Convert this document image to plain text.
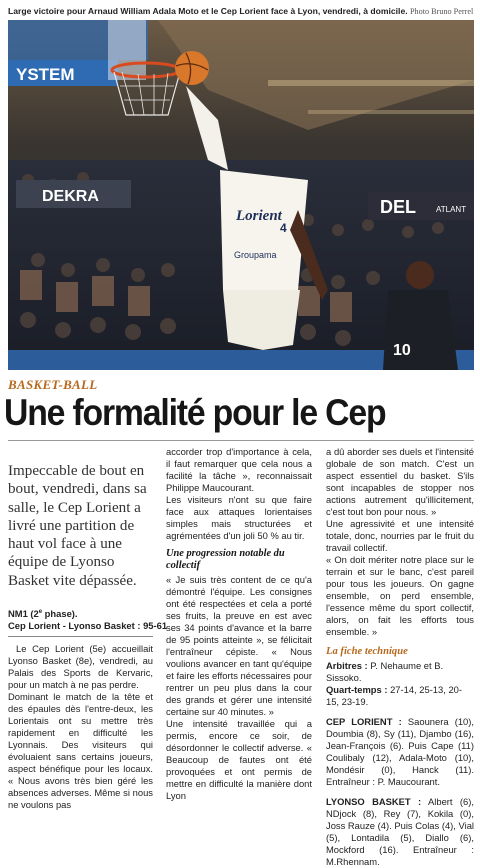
Large victoire pour Arnaud William Adala Moto et le Cep Lorient face à Lyon, vendredi, à domicile. Photo Bruno Perrel
YSTEM
DEKRA
DEL	ATLANT
Lorient
4
Groupama
10
BASKET-BALL
Une formalité pour le Cep

Impeccable de bout en bout, vendredi, dans sa salle, le Cep Lorient a livré une partition de haut vol face à une équipe de Lyonso Basket vite dépassée.

NM1 (2e phase).
Cep Lorient - Lyonso Basket : 95-61

Le Cep Lorient (5e) accueillait Lyonso Basket (8e), vendredi, au Palais des Sports de Kervaric, pour un match à ne pas perdre.

Dominant le match de la tête et des épaules dès l'entre-deux, les Lorientais ont su mettre très rapidement en difficulté les Lyonnais. Des visiteurs qui évoluaient sans certains joueurs, aspect bénéfique pour les locaux. « Nous avons très bien géré les absences adverses. Même si nous ne voulons pas

accorder trop d'importance à cela, il faut remarquer que cela nous a facilité la tâche », reconnaissait Philippe Maucourant.

Les visiteurs n'ont su que faire face aux attaques lorientaises simples mais structurées et agrémentées d'un joli 50 % au tir.

Une progression notable du collectif

« Je suis très content de ce qu'a démontré l'équipe. Les consignes ont été respectées et cela a porté ses fruits, la preuve en est avec ses 34 points d'avance et la barre de 95 points atteinte », se félicitait l'entraîneur cépiste. « Nous voulions avancer en tant qu'équipe et faire les efforts nécessaires pour rentrer un peu plus dans la cour des grands et gérer une intensité certaine sur 40 minutes. »

Une intensité travaillée qui a permis, encore ce soir, de désordonner le collectif adverse. « Beaucoup de fautes ont été provoquées et ont permis de mettre en difficulté la manière dont Lyon

a dû aborder ses duels et l'intensité globale de son match. C'est un aspect essentiel du basket. S'ils sont incapables de stopper nos actions autrement qu'illicitement, c'est tout bon pour nous. »

Une agressivité et une intensité totale, donc, nourries par le fruit du travail collectif.

« On doit mériter notre place sur le terrain et sur le banc, c'est pareil pour tous les joueurs. On gagne ensemble, on perd ensemble, l'essence même du sport collectif, alors, on fait les efforts tous ensemble. »

La fiche technique

Arbitres : P. Nehaume et B. Sissoko.

Quart-temps : 27-14, 25-13, 20-15, 23-19.

CEP LORIENT : Saounera (10), Doumbia (8), Sy (11), Djambo (16), Jean-François (6). Puis Cape (11) Coulibaly (12), Adala-Moto (10), Mondésir (0), Hanck (11). Entraîneur : P. Maucourant.

LYONSO BASKET : Albert (6), NDjock (8), Rey (7), Kokila (0), Joss Rauze (4). Puis Colas (4), Vial (5), Lontadila (5), Diallo (6), Mockford (16). Entraîneur : M.Rhennam.
